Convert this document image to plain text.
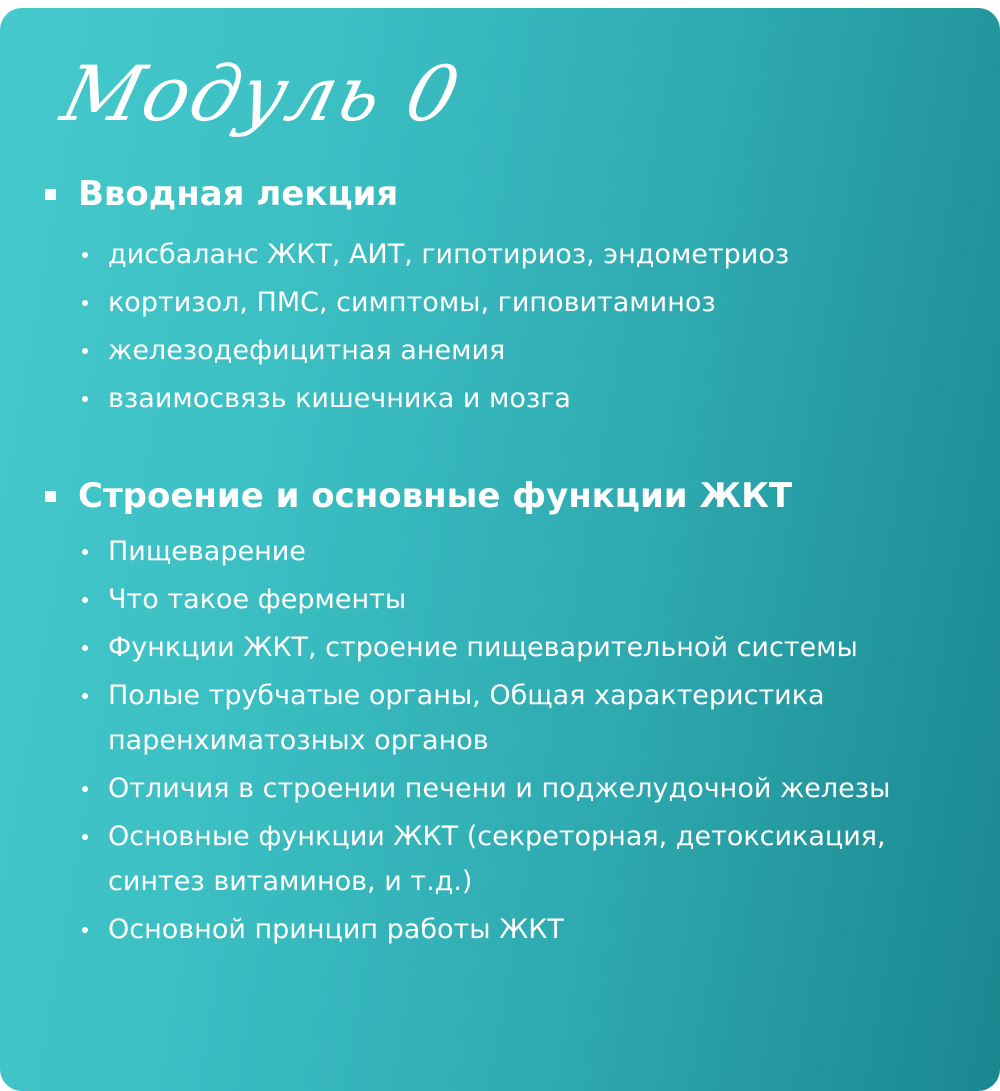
Модуль 0
Вводная лекция
дисбаланс ЖКТ, АИТ, гипотириоз, эндометриоз
кортизол, ПМС, симптомы, гиповитаминоз
железодефицитная анемия
взаимосвязь кишечника и мозга
Строение и основные функции ЖКТ
Пищеварение
Что такое ферменты
Функции ЖКТ, строение пищеварительной системы
Полые трубчатые органы, Общая характеристика паренхиматозных органов
Отличия в строении печени и поджелудочной железы
Основные функции ЖКТ (секреторная, детоксикация, синтез витаминов, и т.д.)
Основной принцип работы ЖКТ
